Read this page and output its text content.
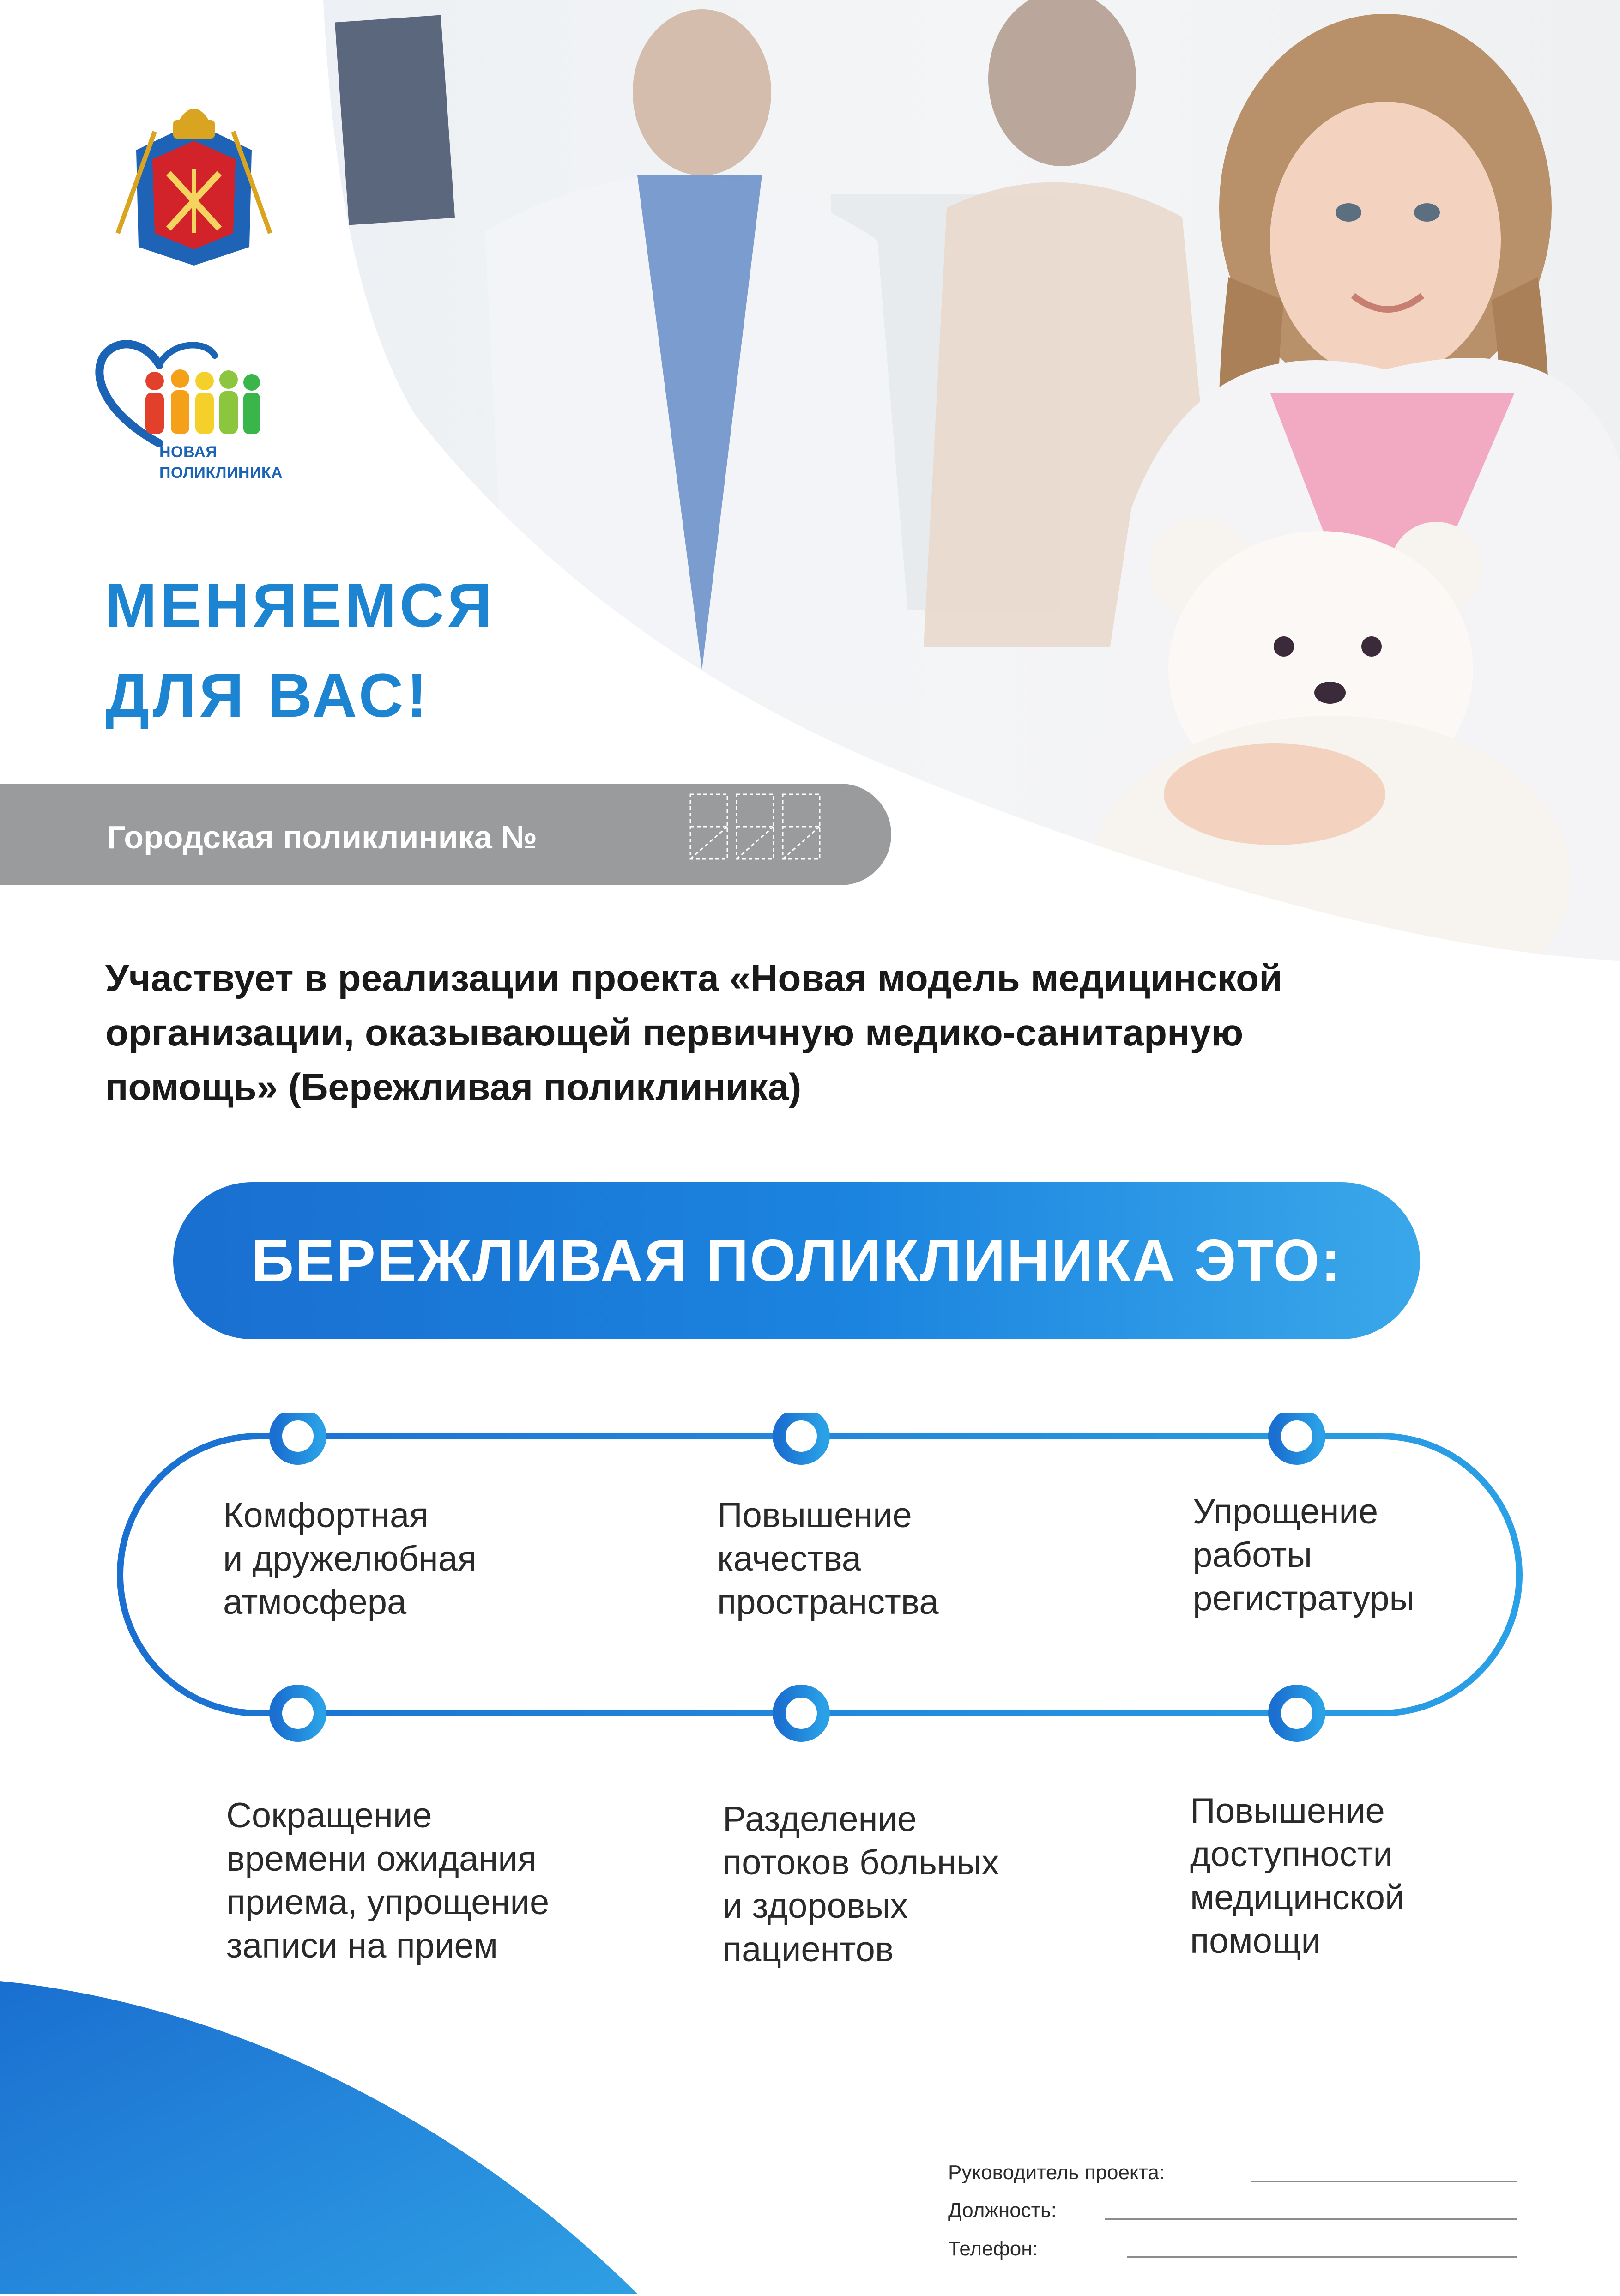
НОВАЯ
ПОЛИКЛИНИКА
МЕНЯЕМСЯ
ДЛЯ ВАС!
Городская поликлиника №
Участвует в реализации проекта «Новая модель медицинской
организации, оказывающей первичную медико-санитарную
помощь» (Бережливая поликлиника)
БЕРЕЖЛИВАЯ ПОЛИКЛИНИКА ЭТО:
Комфортная
и дружелюбная
атмосфера
Повышение
качества
пространства
Упрощение
работы
регистратуры
Сокращение
времени ожидания
приема, упрощение
записи на прием
Разделение
потоков больных
и здоровых
пациентов
Повышение
доступности
медицинской
помощи
Руководитель проекта:
Должность:
Телефон:
